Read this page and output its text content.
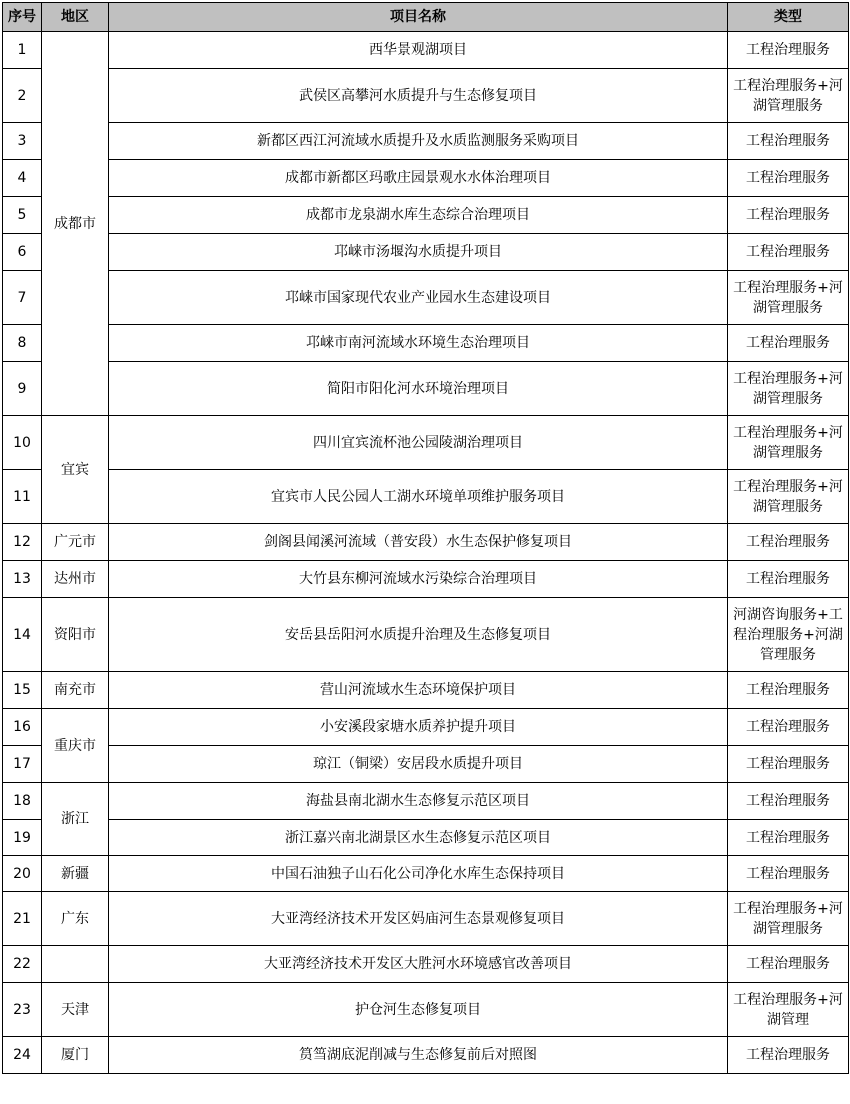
序号	地区	项目名称	类型
1	成都市	西华景观湖项目	工程治理服务
2		武侯区高攀河水质提升与生态修复项目	工程治理服务+河湖管理服务
3		新都区西江河流域水质提升及水质监测服务采购项目	工程治理服务
4		成都市新都区玛歌庄园景观水水体治理项目	工程治理服务
5		成都市龙泉湖水库生态综合治理项目	工程治理服务
6		邛崃市汤堰沟水质提升项目	工程治理服务
7		邛崃市国家现代农业产业园水生态建设项目	工程治理服务+河湖管理服务
8		邛崃市南河流域水环境生态治理项目	工程治理服务
9		简阳市阳化河水环境治理项目	工程治理服务+河湖管理服务
10	宜宾	四川宜宾流杯池公园陵湖治理项目	工程治理服务+河湖管理服务
11		宜宾市人民公园人工湖水环境单项维护服务项目	工程治理服务+河湖管理服务
12	广元市	剑阁县闻溪河流域（普安段）水生态保护修复项目	工程治理服务
13	达州市	大竹县东柳河流域水污染综合治理项目	工程治理服务
14	资阳市	安岳县岳阳河水质提升治理及生态修复项目	河湖咨询服务+工程治理服务+河湖管理服务
15	南充市	营山河流域水生态环境保护项目	工程治理服务
16	重庆市	小安溪段家塘水质养护提升项目	工程治理服务
17		琼江（铜梁）安居段水质提升项目	工程治理服务
18	浙江	海盐县南北湖水生态修复示范区项目	工程治理服务
19		浙江嘉兴南北湖景区水生态修复示范区项目	工程治理服务
20	新疆	中国石油独子山石化公司净化水库生态保持项目	工程治理服务
21	广东	大亚湾经济技术开发区妈庙河生态景观修复项目	工程治理服务+河湖管理服务
22		大亚湾经济技术开发区大胜河水环境感官改善项目	工程治理服务
23	天津	护仓河生态修复项目	工程治理服务+河湖管理
24	厦门	筼筜湖底泥削减与生态修复前后对照图	工程治理服务
